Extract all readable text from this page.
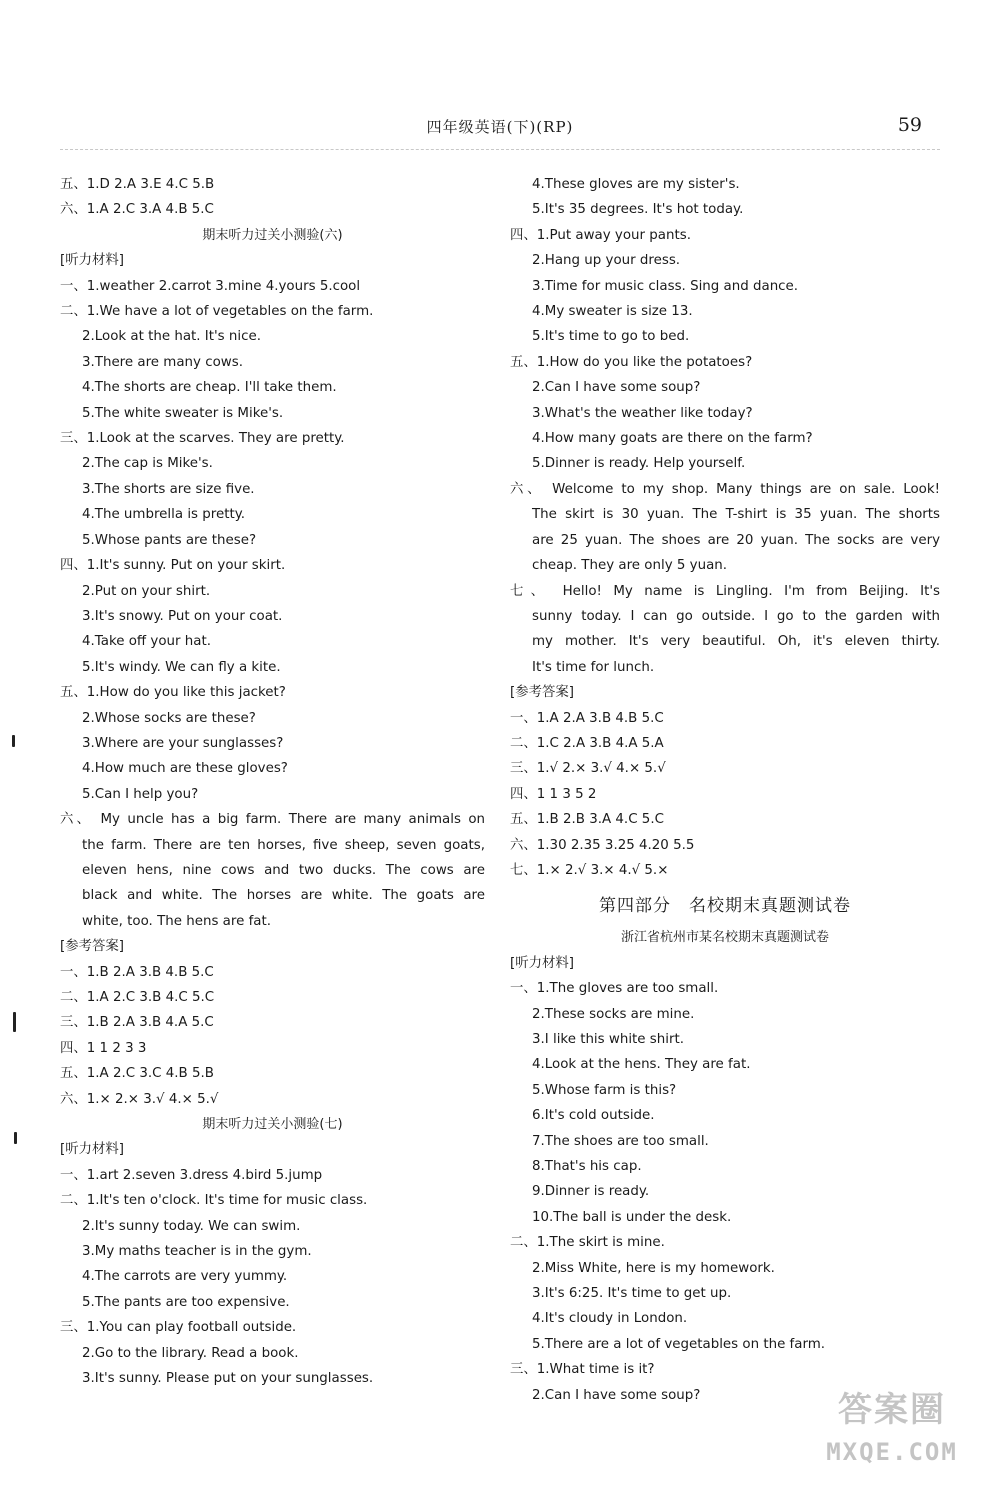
四年级英语(下)(RP)	59

五、1.D 2.A 3.E 4.C 5.B

六、1.A 2.C 3.A 4.B 5.C

期末听力过关小测验(六)

[听力材料]

一、1.weather 2.carrot 3.mine 4.yours 5.cool

二、1.We have a lot of vegetables on the farm.

2.Look at the hat. It's nice.

3.There are many cows.

4.The shorts are cheap. I'll take them.

5.The white sweater is Mike's.

三、1.Look at the scarves. They are pretty.

2.The cap is Mike's.

3.The shorts are size five.

4.The umbrella is pretty.

5.Whose pants are these?

四、1.It's sunny. Put on your skirt.

2.Put on your shirt.

3.It's snowy. Put on your coat.

4.Take off your hat.

5.It's windy. We can fly a kite.

五、1.How do you like this jacket?

2.Whose socks are these?

3.Where are your sunglasses?

4.How much are these gloves?

5.Can I help you?

六、 My uncle has a big farm. There are many animals on

the farm. There are ten horses, five sheep, seven goats,

eleven hens, nine cows and two ducks. The cows are

black and white. The horses are white. The goats are

white, too. The hens are fat.

[参考答案]

一、1.B 2.A 3.B 4.B 5.C

二、1.A 2.C 3.B 4.C 5.C

三、1.B 2.A 3.B 4.A 5.C

四、1 1 2 3 3

五、1.A 2.C 3.C 4.B 5.B

六、1.× 2.× 3.√ 4.× 5.√

期末听力过关小测验(七)

[听力材料]

一、1.art 2.seven 3.dress 4.bird 5.jump

二、1.It's ten o'clock. It's time for music class.

2.It's sunny today. We can swim.

3.My maths teacher is in the gym.

4.The carrots are very yummy.

5.The pants are too expensive.

三、1.You can play football outside.

2.Go to the library. Read a book.

3.It's sunny. Please put on your sunglasses.

4.These gloves are my sister's.

5.It's 35 degrees. It's hot today.

四、1.Put away your pants.

2.Hang up your dress.

3.Time for music class. Sing and dance.

4.My sweater is size 13.

5.It's time to go to bed.

五、1.How do you like the potatoes?

2.Can I have some soup?

3.What's the weather like today?

4.How many goats are there on the farm?

5.Dinner is ready. Help yourself.

六、 Welcome to my shop. Many things are on sale. Look!

The skirt is 30 yuan. The T-shirt is 35 yuan. The shorts

are 25 yuan. The shoes are 20 yuan. The socks are very

cheap. They are only 5 yuan.

七、 Hello! My name is Lingling. I'm from Beijing. It's

sunny today. I can go outside. I go to the garden with

my mother. It's very beautiful. Oh, it's eleven thirty.

It's time for lunch.

[参考答案]

一、1.A 2.A 3.B 4.B 5.C

二、1.C 2.A 3.B 4.A 5.A

三、1.√ 2.× 3.√ 4.× 5.√

四、1 1 3 5 2

五、1.B 2.B 3.A 4.C 5.C

六、1.30 2.35 3.25 4.20 5.5

七、1.× 2.√ 3.× 4.√ 5.×

第四部分 名校期末真题测试卷

浙江省杭州市某名校期末真题测试卷

[听力材料]

一、1.The gloves are too small.

2.These socks are mine.

3.I like this white shirt.

4.Look at the hens. They are fat.

5.Whose farm is this?

6.It's cold outside.

7.The shoes are too small.

8.That's his cap.

9.Dinner is ready.

10.The ball is under the desk.

二、1.The skirt is mine.

2.Miss White, here is my homework.

3.It's 6:25. It's time to get up.

4.It's cloudy in London.

5.There are a lot of vegetables on the farm.

三、1.What time is it?

2.Can I have some soup?	答案圈
MXQE.COM
